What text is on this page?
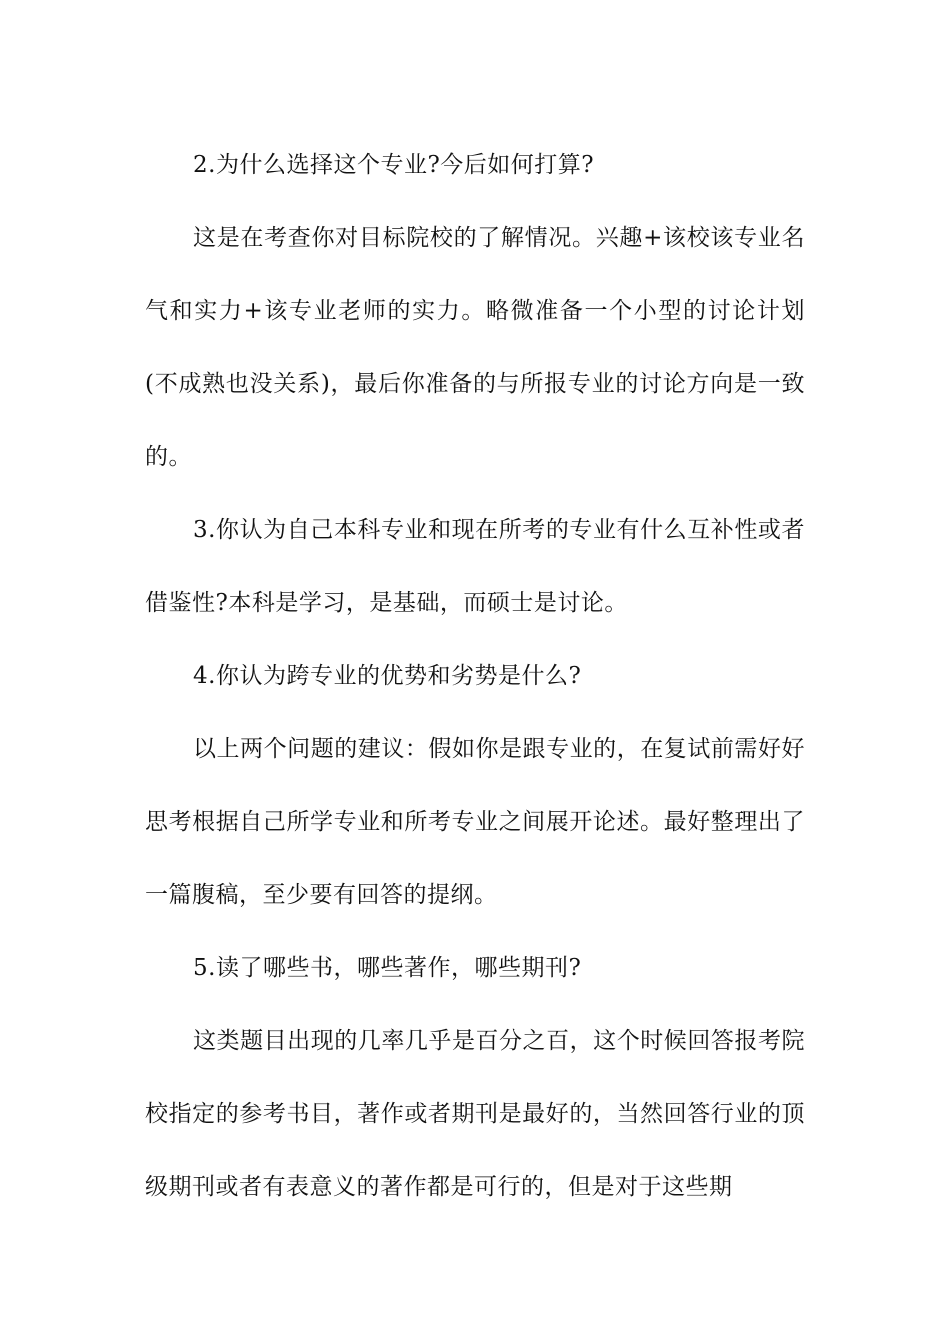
2.为什么选择这个专业?今后如何打算?

这是在考查你对目标院校的了解情况。兴趣+该校该专业名气和实力+该专业老师的实力。略微准备一个小型的讨论计划(不成熟也没关系)，最后你准备的与所报专业的讨论方向是一致的。

3.你认为自己本科专业和现在所考的专业有什么互补性或者借鉴性?本科是学习，是基础，而硕士是讨论。

4.你认为跨专业的优势和劣势是什么?

以上两个问题的建议：假如你是跟专业的，在复试前需好好思考根据自己所学专业和所考专业之间展开论述。最好整理出了一篇腹稿，至少要有回答的提纲。

5.读了哪些书，哪些著作，哪些期刊?

这类题目出现的几率几乎是百分之百，这个时候回答报考院校指定的参考书目，著作或者期刊是最好的，当然回答行业的顶级期刊或者有表意义的著作都是可行的，但是对于这些期
